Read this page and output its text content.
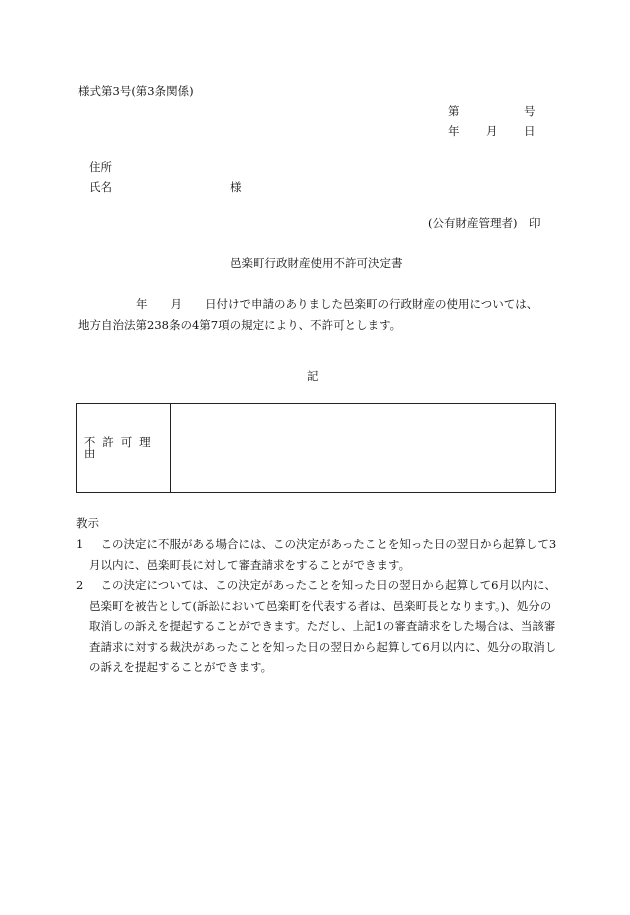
様式第3号(第3条関係)
第	号
年 月 日
住所
氏名	様
(公有財産管理者)　印
邑楽町行政財産使用不許可決定書
年　　月　　日付けで申請のありました邑楽町の行政財産の使用については、
地方自治法第238条の4第7項の規定により、不許可とします。
記
不許可理由
教示
1	この決定に不服がある場合には、この決定があったことを知った日の翌日から起算して3月以内に、邑楽町長に対して審査請求をすることができます。
2	この決定については、この決定があったことを知った日の翌日から起算して6月以内に、邑楽町を被告として(訴訟において邑楽町を代表する者は、邑楽町長となります。)、処分の取消しの訴えを提起することができます。ただし、上記1の審査請求をした場合は、当該審査請求に対する裁決があったことを知った日の翌日から起算して6月以内に、処分の取消しの訴えを提起することができます。
